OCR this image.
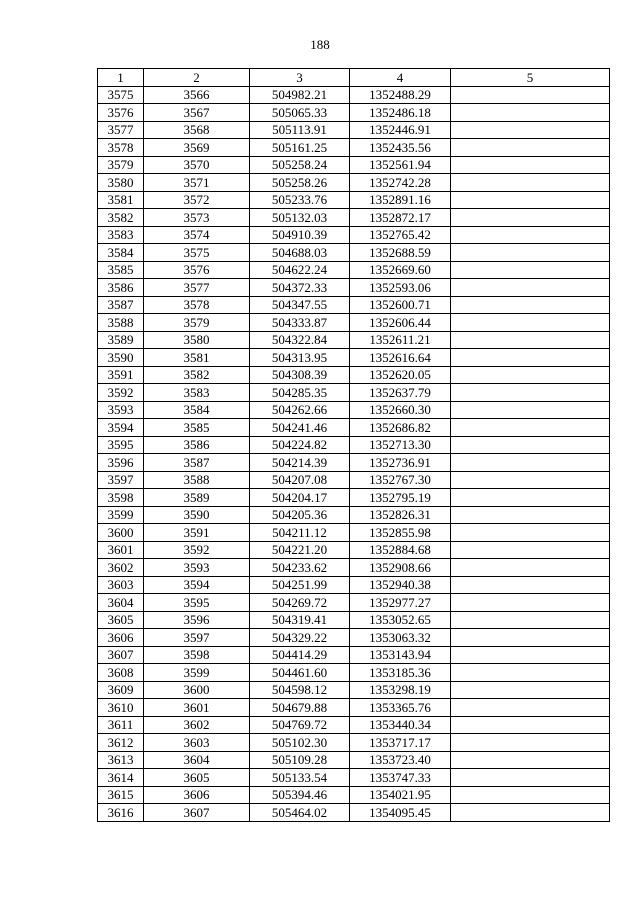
188
1	2	3	4	5
3575	3566	504982.21	1352488.29	
3576	3567	505065.33	1352486.18	
3577	3568	505113.91	1352446.91	
3578	3569	505161.25	1352435.56	
3579	3570	505258.24	1352561.94	
3580	3571	505258.26	1352742.28	
3581	3572	505233.76	1352891.16	
3582	3573	505132.03	1352872.17	
3583	3574	504910.39	1352765.42	
3584	3575	504688.03	1352688.59	
3585	3576	504622.24	1352669.60	
3586	3577	504372.33	1352593.06	
3587	3578	504347.55	1352600.71	
3588	3579	504333.87	1352606.44	
3589	3580	504322.84	1352611.21	
3590	3581	504313.95	1352616.64	
3591	3582	504308.39	1352620.05	
3592	3583	504285.35	1352637.79	
3593	3584	504262.66	1352660.30	
3594	3585	504241.46	1352686.82	
3595	3586	504224.82	1352713.30	
3596	3587	504214.39	1352736.91	
3597	3588	504207.08	1352767.30	
3598	3589	504204.17	1352795.19	
3599	3590	504205.36	1352826.31	
3600	3591	504211.12	1352855.98	
3601	3592	504221.20	1352884.68	
3602	3593	504233.62	1352908.66	
3603	3594	504251.99	1352940.38	
3604	3595	504269.72	1352977.27	
3605	3596	504319.41	1353052.65	
3606	3597	504329.22	1353063.32	
3607	3598	504414.29	1353143.94	
3608	3599	504461.60	1353185.36	
3609	3600	504598.12	1353298.19	
3610	3601	504679.88	1353365.76	
3611	3602	504769.72	1353440.34	
3612	3603	505102.30	1353717.17	
3613	3604	505109.28	1353723.40	
3614	3605	505133.54	1353747.33	
3615	3606	505394.46	1354021.95	
3616	3607	505464.02	1354095.45	
